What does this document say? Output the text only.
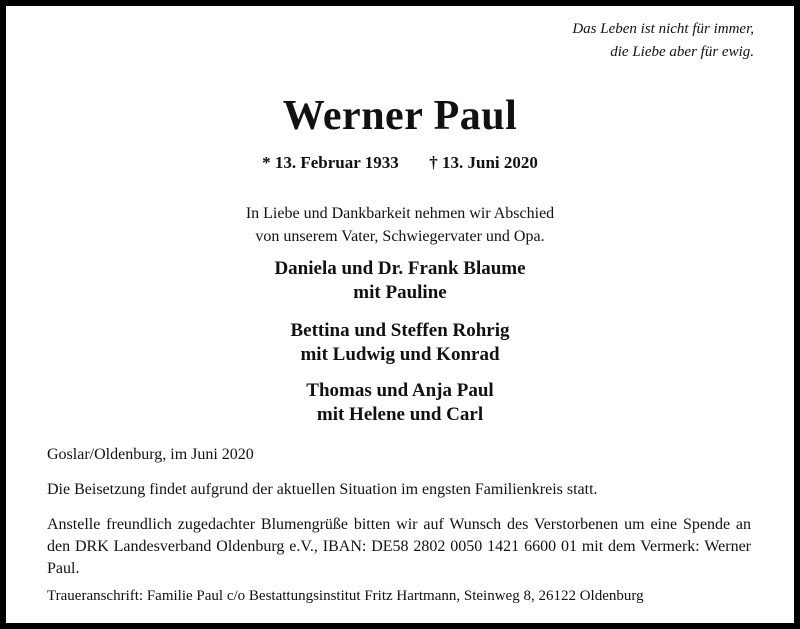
Das Leben ist nicht für immer,
die Liebe aber für ewig.
Werner Paul
* 13. Februar 1933 † 13. Juni 2020
In Liebe und Dankbarkeit nehmen wir Abschied
von unserem Vater, Schwiegervater und Opa.
Daniela und Dr. Frank Blaume
mit Pauline
Bettina und Steffen Rohrig
mit Ludwig und Konrad
Thomas und Anja Paul
mit Helene und Carl
Goslar/Oldenburg, im Juni 2020
Die Beisetzung findet aufgrund der aktuellen Situation im engsten Familienkreis statt.
Anstelle freundlich zugedachter Blumengrüße bitten wir auf Wunsch des Verstorbenen um eine Spende an den DRK Landesverband Oldenburg e.V., IBAN: DE58 2802 0050 1421 6600 01 mit dem Vermerk: Werner Paul.
Traueranschrift: Familie Paul c/o Bestattungsinstitut Fritz Hartmann, Steinweg 8, 26122 Oldenburg
